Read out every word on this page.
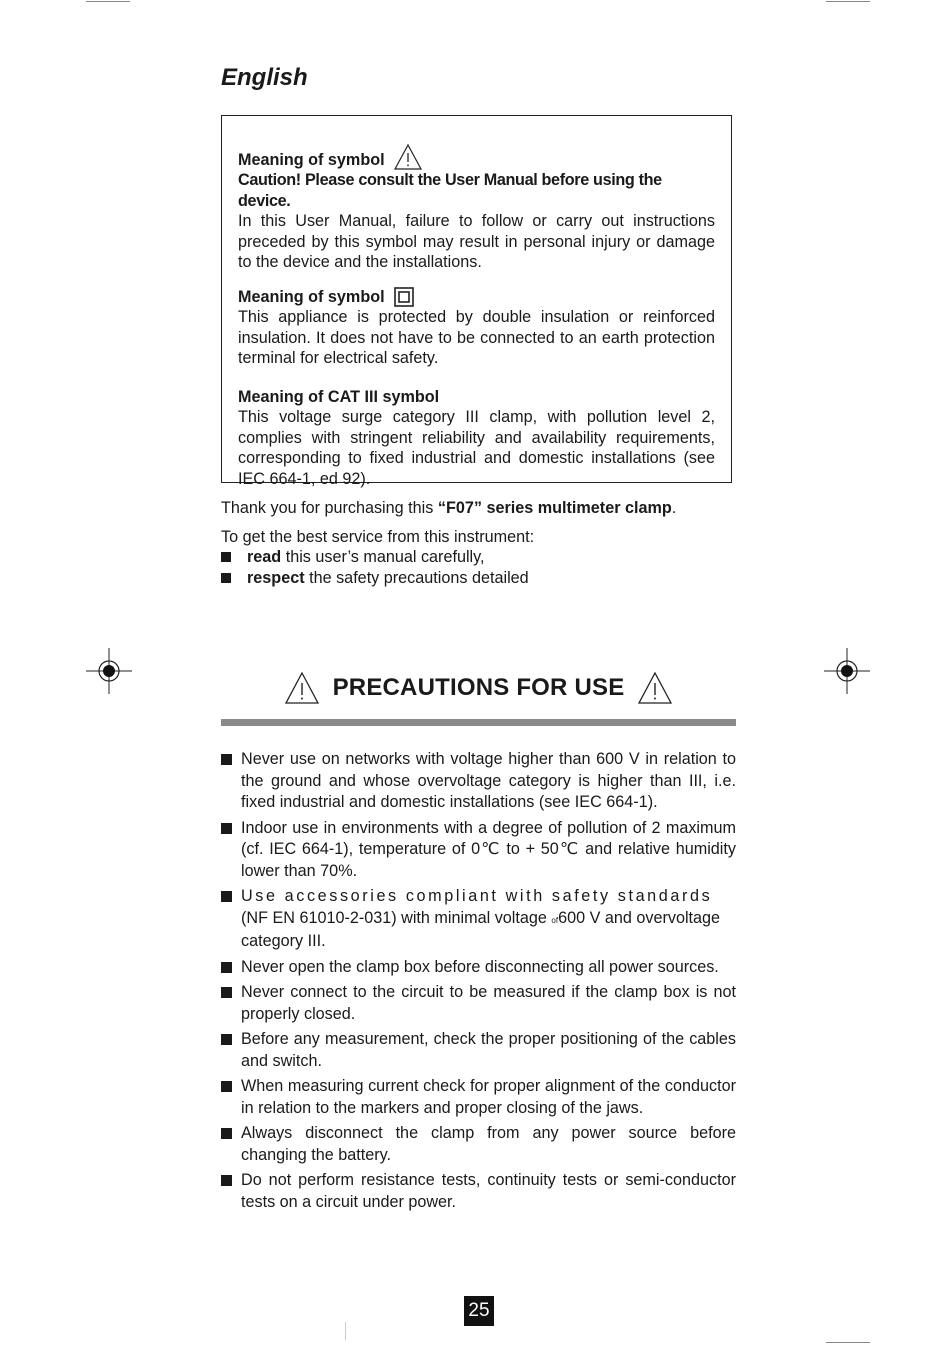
English
Meaning of symbol
Caution! Please consult the User Manual before using the device.
In this User Manual, failure to follow or carry out instructions preceded by this symbol may result in personal injury or damage to the device and the installations.
Meaning of symbol
This appliance is protected by double insulation or reinforced insulation. It does not have to be connected to an earth protection terminal for electrical safety.
Meaning of CAT III symbol
This voltage surge category III clamp, with pollution level 2, complies with stringent reliability and availability requirements, corresponding to fixed industrial and domestic installations (see IEC 664-1, ed 92).

Thank you for purchasing this “F07” series multimeter clamp.

To get the best service from this instrument:

read this user’s manual carefully,
respect the safety precautions detailed
PRECAUTIONS FOR USE
Never use on networks with voltage higher than 600 V in relation to the ground and whose overvoltage category is higher than III, i.e. fixed industrial and domestic installations (see IEC 664-1).
Indoor use in environments with a degree of pollution of 2 maximum (cf. IEC 664-1), temperature of 0℃ to + 50℃ and relative humidity lower than 70%.
Use accessories compliant with safety standards
(NF EN 61010-2-031) with minimal voltage of600 V and overvoltage
category III.
Never open the clamp box before disconnecting all power sources.
Never connect to the circuit to be measured if the clamp box is not properly closed.
Before any measurement, check the proper positioning of the cables and switch.
When measuring current check for proper alignment of the conductor in relation to the markers and proper closing of the jaws.
Always disconnect the clamp from any power source before changing the battery.
Do not perform resistance tests, continuity tests or semi-conductor tests on a circuit under power.
25
